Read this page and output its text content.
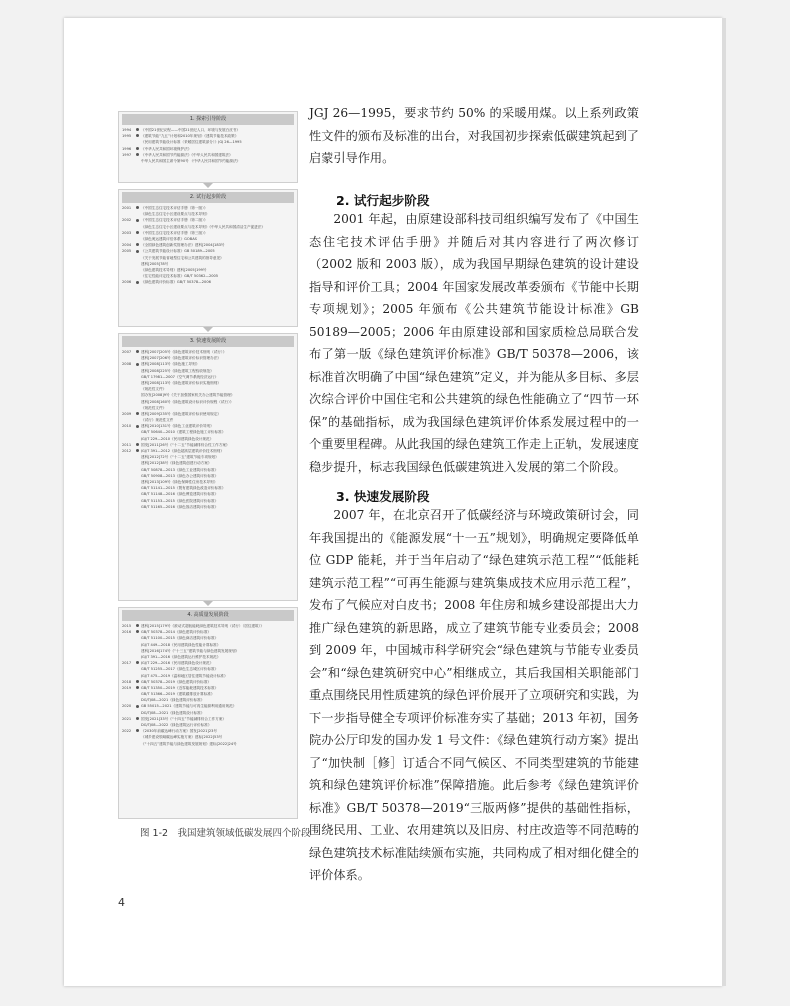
1. 探索引导阶段
1994	《中国21世纪议程——中国21世纪人口、环境与发展白皮书》
1995	《建筑节能“九五”计划和2010年规划》《建筑节能技术政策》
《民用建筑节能设计标准（采暖居住建筑部分）》JGJ 26—1995
1996	《中华人民共和国环境保护法》
1997	《中华人民共和国节约能源法》《中华人民共和国建筑法》
中华人民共和国主席令第90号 《中华人民共和国节约能源法》
2. 试行起步阶段
2001	《中国生态住宅技术评估手册（第一版）》
《绿色生态住宅小区建设要点与技术导则》
2002	《中国生态住宅技术评估手册（第二版）》
《绿色生态住宅小区建设要点与技术导则》《中华人民共和国清洁生产促进法》
2003	《中国生态住宅技术评估手册（第三版）》
《绿色奥运建筑评估体系》GOBAS
2004	《全国绿色建筑创新奖管理办法》建科[2004]183号
2005	《公共建筑节能设计标准》GB 50189—2005
《关于发展节能省地型住宅和公共建筑的指导意见》
建科[2005]78号
《绿色建筑技术导则》建科[2005]199号
《住宅性能评定技术标准》GB/T 50362—2005
2006	《绿色建筑评价标准》GB/T 50378—2006
3. 快速发展阶段
2007	建科[2007]205号《绿色建筑评价技术细则（试行）》
建科[2007]206号《绿色建筑评价标识管理办法》
2008	建科[2008]113号《绿色施工导则》
建科[2008]225号《绿色建筑工程验收规范》
GB/T 17981—2007《空气调节系统经济运行》
建科[2008]113号《绿色建筑评价标识实施细则》
《规范性文件》
国办发[2008]9号《关于加强国家机关办公建筑节能管理》
建科[2008]160号《绿色建筑设计标识评价规程（试行）》
《规范性文件》
2009	建科[2009]235号《绿色建筑评价标识使用规定》
《试行》规范性文件
2010	建科[2010]131号《绿色工业建筑评价导则》
GB/T 50640—2010《建筑工程绿色施工评价标准》
JGJ/T 229—2010《民用建筑绿色设计规范》
2011	国发[2011]26号《“十二五”节能减排综合性工作方案》
2012	JGJ/T 391—2012《绿色超高层建筑评价技术细则》
建科[2012]72号《“十二五”建筑节能专项规划》
建科[2012]38号《绿色建筑创建行动方案》
GB/T 50878—2013《绿色工业建筑评价标准》
GB/T 50908—2013《绿色办公建筑评价标准》
建科[2013]109号《绿色保障性住房技术导则》
GB/T 51141—2015《既有建筑绿色改造评价标准》
GB/T 51148—2016《绿色博览建筑评价标准》
GB/T 51153—2015《绿色医院建筑评价标准》
GB/T 51165—2016《绿色饭店建筑评价标准》
4. 高质量发展阶段
2015	建科[2015]179号《被动式超低能耗绿色建筑技术导则（试行）（居住建筑）》
2016	GB/T 50378—2014《绿色建筑评价标准》
GB/T 51100—2015《绿色商店建筑评价标准》
JGJ/T 449—2018《民用建筑绿色性能计算标准》
建科[2016]174号《“十三五”建筑节能与绿色建筑发展规划》
JGJ/T 391—2016《绿色建筑运行维护技术规范》
2017	JGJ/T 229—2016《民用建筑绿色设计规范》
GB/T 51255—2017《绿色生态城区评价标准》
JGJ/T 475—2019《温和地区居住建筑节能设计标准》
2018	GB/T 50378—2019《绿色建筑评价标准》
2019	GB/T 51350—2019《近零能耗建筑技术标准》
GB/T 51366—2019《建筑碳排放计算标准》
DG/TJ08—2021《绿色建筑评价标准》
2020	GB 55015—2021《建筑节能与可再生能源利用通用规范》
DG/TJ08—2021《绿色建筑设计标准》
2021	国发[2021]33号《“十四五”节能减排综合工作方案》
DG/TJ08—2022《绿色建筑运行评价标准》
2022	《2030年前碳达峰行动方案》国发[2021]23号
《城乡建设领域碳达峰实施方案》建标[2022]53号
《“十四五”建筑节能与绿色建筑发展规划》建标[2022]24号
图 1-2　我国建筑领域低碳发展四个阶段

JGJ 26—1995，要求节约 50% 的采暖用煤。以上系列政策性文件的颁布及标准的出台，对我国初步探索低碳建筑起到了启蒙引导作用。

2. 试行起步阶段

2001 年起，由原建设部科技司组织编写发布了《中国生态住宅技术评估手册》并随后对其内容进行了两次修订（2002 版和 2003 版），成为我国早期绿色建筑的设计建设指导和评价工具；2004 年国家发展改革委颁布《节能中长期专项规划》；2005 年颁布《公共建筑节能设计标准》GB 50189—2005；2006 年由原建设部和国家质检总局联合发布了第一版《绿色建筑评价标准》GB/T 50378—2006，该标准首次明确了中国“绿色建筑”定义，并为能从多目标、多层次综合评价中国住宅和公共建筑的绿色性能确立了“四节一环保”的基础指标，成为我国绿色建筑评价体系发展过程中的一个重要里程碑。从此我国的绿色建筑工作走上正轨，发展速度稳步提升，标志我国绿色低碳建筑进入发展的第二个阶段。

3. 快速发展阶段

2007 年，在北京召开了低碳经济与环境政策研讨会，同年我国提出的《能源发展“十一五”规划》，明确规定要降低单位 GDP 能耗，并于当年启动了“绿色建筑示范工程”“低能耗建筑示范工程”“可再生能源与建筑集成技术应用示范工程”，发布了气候应对白皮书；2008 年住房和城乡建设部提出大力推广绿色建筑的新思路，成立了建筑节能专业委员会；2008 到 2009 年，中国城市科学研究会“绿色建筑与节能专业委员会”和“绿色建筑研究中心”相继成立，其后我国相关职能部门重点围绕民用性质建筑的绿色评价展开了立项研究和实践，为下一步指导健全专项评价标准夯实了基础；2013 年初，国务院办公厅印发的国办发 1 号文件：《绿色建筑行动方案》提出了“加快制［修］订适合不同气候区、不同类型建筑的节能建筑和绿色建筑评价标准”保障措施。此后参考《绿色建筑评价标准》GB/T 50378—2019“三版两修”提供的基础性指标，围绕民用、工业、农用建筑以及旧房、村庄改造等不同范畴的绿色建筑技术标准陆续颁布实施，共同构成了相对细化健全的评价体系。

4
